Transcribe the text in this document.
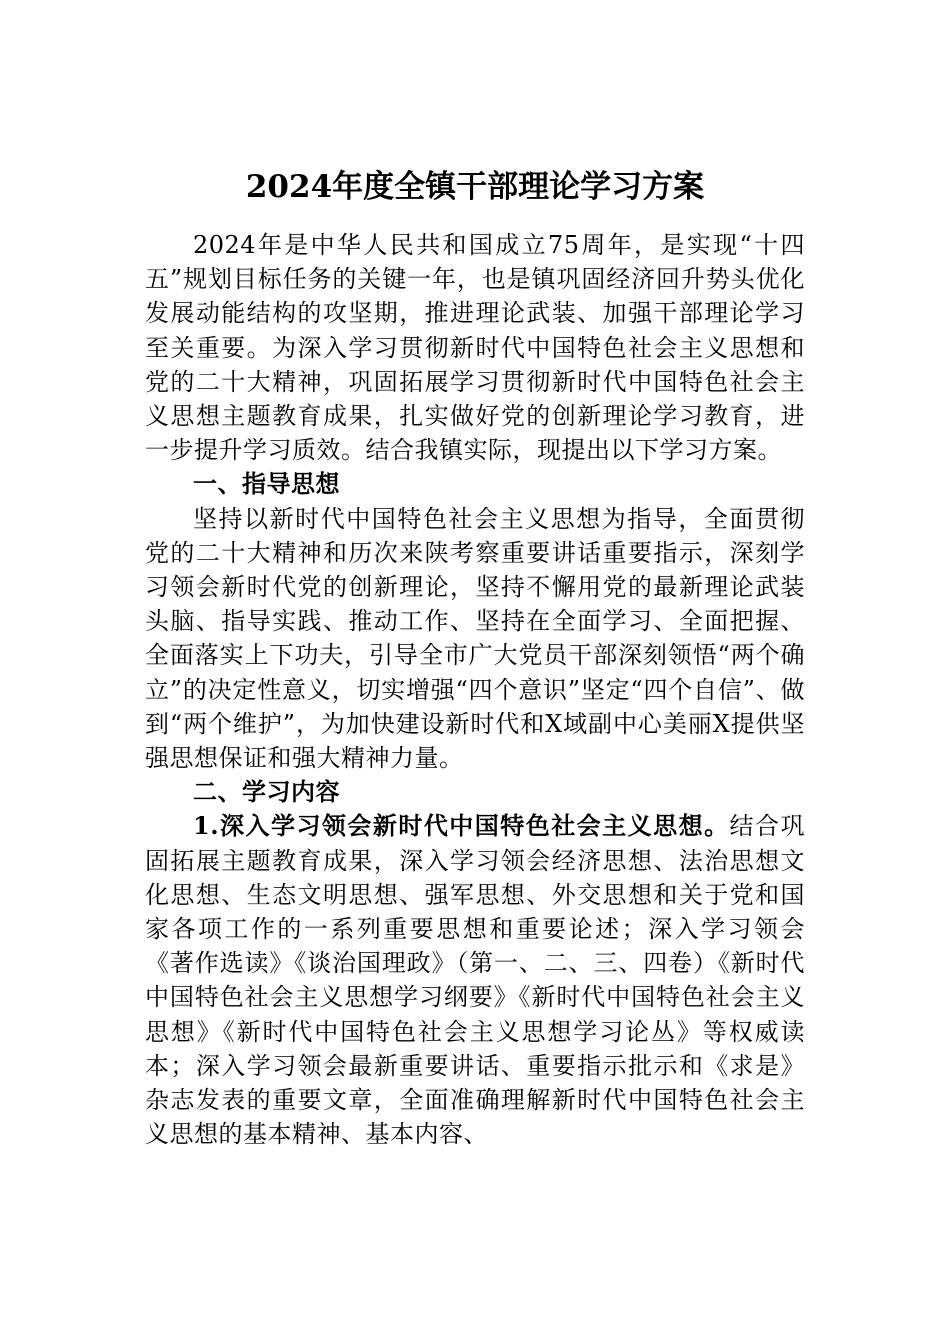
2024年度全镇干部理论学习方案

2024年是中华人民共和国成立75周年，是实现“十四五”规划目标任务的关键一年，也是镇巩固经济回升势头优化发展动能结构的攻坚期，推进理论武装、加强干部理论学习至关重要。为深入学习贯彻新时代中国特色社会主义思想和党的二十大精神，巩固拓展学习贯彻新时代中国特色社会主义思想主题教育成果，扎实做好党的创新理论学习教育，进一步提升学习质效。结合我镇实际，现提出以下学习方案。

一、指导思想

坚持以新时代中国特色社会主义思想为指导，全面贯彻党的二十大精神和历次来陕考察重要讲话重要指示，深刻学习领会新时代党的创新理论，坚持不懈用党的最新理论武装头脑、指导实践、推动工作、坚持在全面学习、全面把握、全面落实上下功夫，引导全市广大党员干部深刻领悟“两个确立”的决定性意义，切实增强“四个意识”坚定“四个自信”、做到“两个维护”，为加快建设新时代和X域副中心美丽X提供坚强思想保证和强大精神力量。

二、学习内容

1.深入学习领会新时代中国特色社会主义思想。结合巩固拓展主题教育成果，深入学习领会经济思想、法治思想文化思想、生态文明思想、强军思想、外交思想和关于党和国家各项工作的一系列重要思想和重要论述；深入学习领会《著作选读》《谈治国理政》（第一、二、三、四卷）《新时代中国特色社会主义思想学习纲要》《新时代中国特色社会主义思想》《新时代中国特色社会主义思想学习论丛》等权威读本；深入学习领会最新重要讲话、重要指示批示和《求是》杂志发表的重要文章，全面准确理解新时代中国特色社会主义思想的基本精神、基本内容、
